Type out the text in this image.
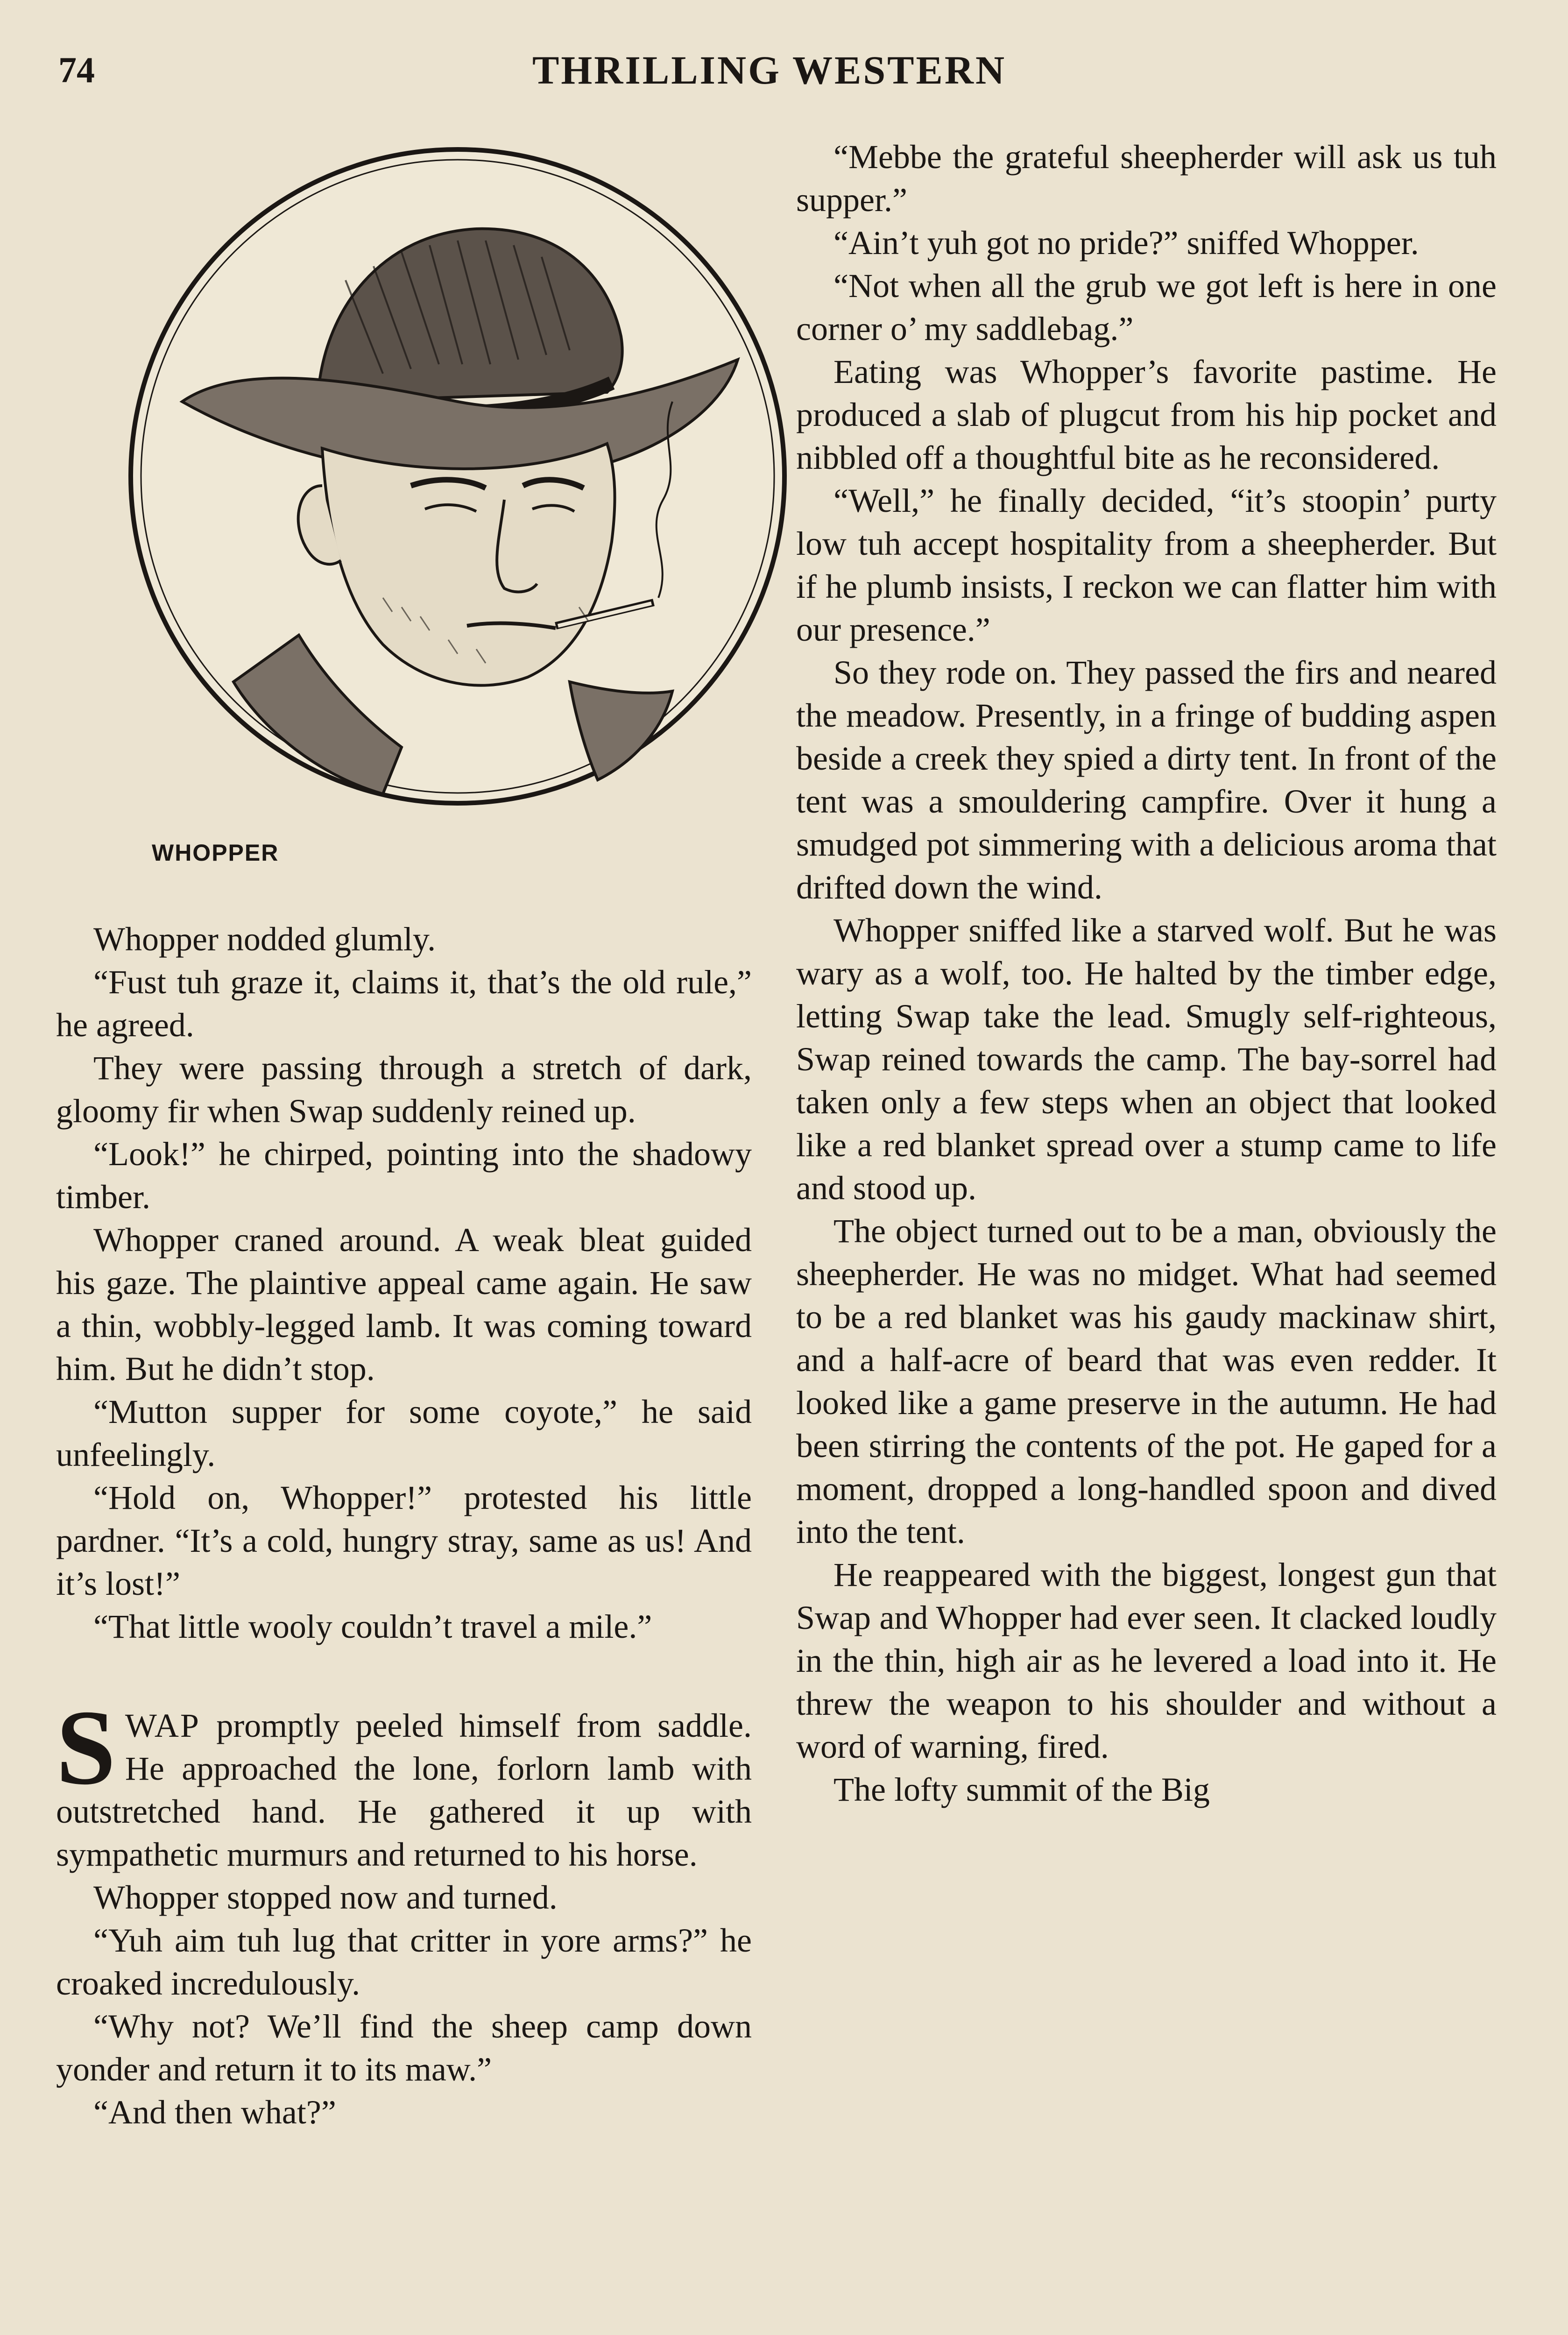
74	THRILLING WESTERN
WHOPPER

Whopper nodded glumly.

“Fust tuh graze it, claims it, that’s the old rule,” he agreed.

They were passing through a stretch of dark, gloomy fir when Swap suddenly reined up.

“Look!” he chirped, pointing into the shadowy timber.

Whopper craned around. A weak bleat guided his gaze. The plaintive appeal came again. He saw a thin, wobbly-legged lamb. It was coming toward him. But he didn’t stop.

“Mutton supper for some coyote,” he said unfeelingly.

“Hold on, Whopper!” protested his little pardner. “It’s a cold, hungry stray, same as us! And it’s lost!”

“That little wooly couldn’t travel a mile.”

SWAP promptly peeled himself from saddle. He approached the lone, forlorn lamb with outstretched hand. He gathered it up with sympathetic murmurs and returned to his horse.

Whopper stopped now and turned.

“Yuh aim tuh lug that critter in yore arms?” he croaked incredulously.

“Why not? We’ll find the sheep camp down yonder and return it to its maw.”

“And then what?”

“Mebbe the grateful sheepherder will ask us tuh supper.”

“Ain’t yuh got no pride?” sniffed Whopper.

“Not when all the grub we got left is here in one corner o’ my saddlebag.”

Eating was Whopper’s favorite pastime. He produced a slab of plugcut from his hip pocket and nibbled off a thoughtful bite as he reconsidered.

“Well,” he finally decided, “it’s stoopin’ purty low tuh accept hospitality from a sheepherder. But if he plumb insists, I reckon we can flatter him with our presence.”

So they rode on. They passed the firs and neared the meadow. Presently, in a fringe of budding aspen beside a creek they spied a dirty tent. In front of the tent was a smouldering campfire. Over it hung a smudged pot simmering with a delicious aroma that drifted down the wind.

Whopper sniffed like a starved wolf. But he was wary as a wolf, too. He halted by the timber edge, letting Swap take the lead. Smugly self-righteous, Swap reined towards the camp. The bay-sorrel had taken only a few steps when an object that looked like a red blanket spread over a stump came to life and stood up.

The object turned out to be a man, obviously the sheepherder. He was no midget. What had seemed to be a red blanket was his gaudy mackinaw shirt, and a half-acre of beard that was even redder. It looked like a game preserve in the autumn. He had been stirring the contents of the pot. He gaped for a moment, dropped a long-handled spoon and dived into the tent.

He reappeared with the biggest, longest gun that Swap and Whopper had ever seen. It clacked loudly in the thin, high air as he levered a load into it. He threw the weapon to his shoulder and without a word of warning, fired.

The lofty summit of the Big
